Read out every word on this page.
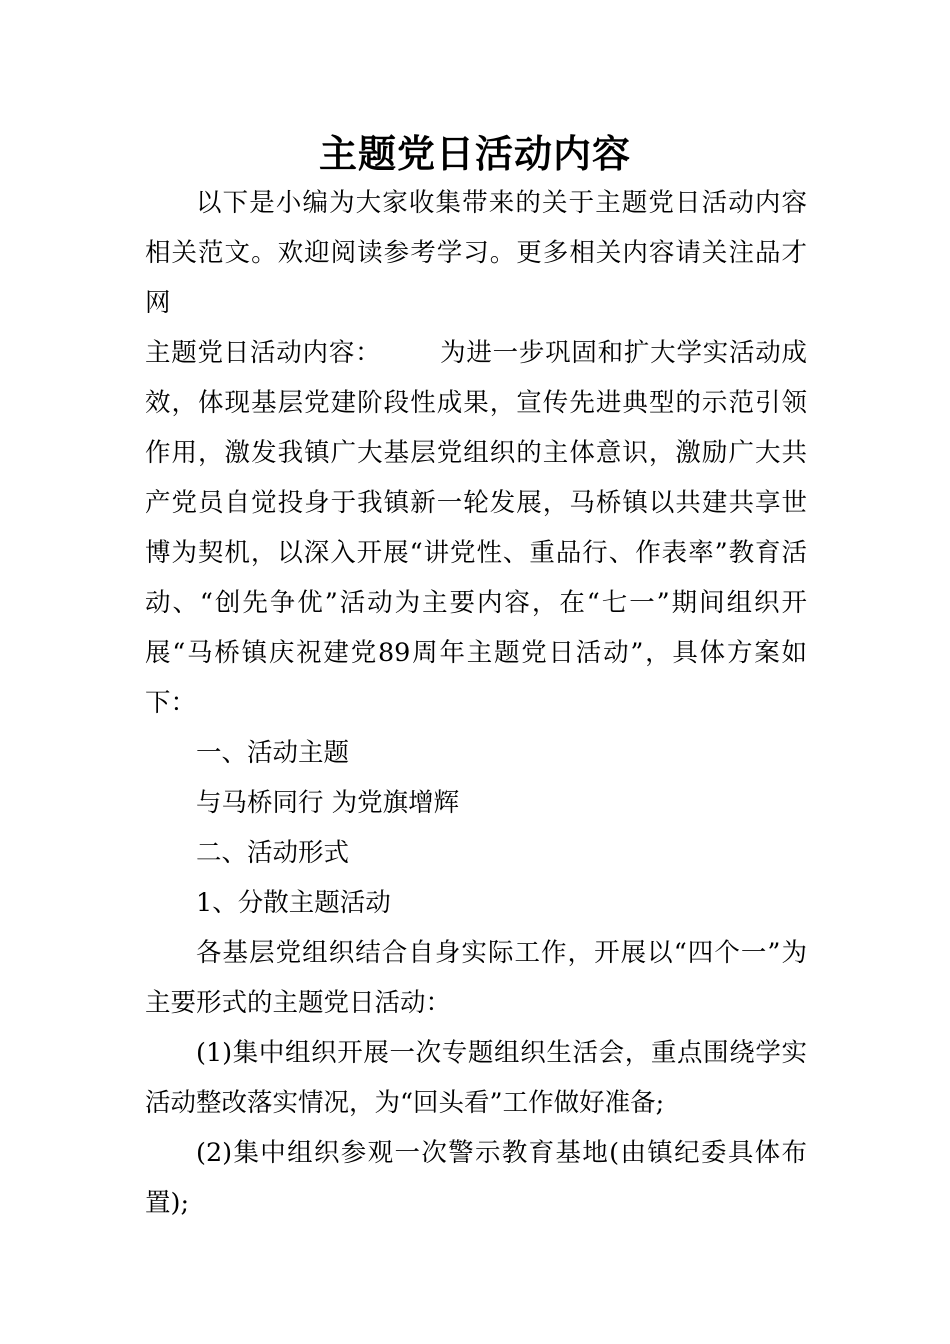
主题党日活动内容

以下是小编为大家收集带来的关于主题党日活动内容相关范文。欢迎阅读参考学习。更多相关内容请关注品才网

主题党日活动内容： 为进一步巩固和扩大学实活动成效，体现基层党建阶段性成果，宣传先进典型的示范引领作用，激发我镇广大基层党组织的主体意识，激励广大共产党员自觉投身于我镇新一轮发展，马桥镇以共建共享世博为契机，以深入开展“讲党性、重品行、作表率”教育活动、“创先争优”活动为主要内容，在“七一”期间组织开展“马桥镇庆祝建党89周年主题党日活动”，具体方案如下：

一、活动主题

与马桥同行 为党旗增辉

二、活动形式

1、分散主题活动

各基层党组织结合自身实际工作，开展以“四个一”为主要形式的主题党日活动：

(1)集中组织开展一次专题组织生活会，重点围绕学实活动整改落实情况，为“回头看”工作做好准备;

(2)集中组织参观一次警示教育基地(由镇纪委具体布置);
